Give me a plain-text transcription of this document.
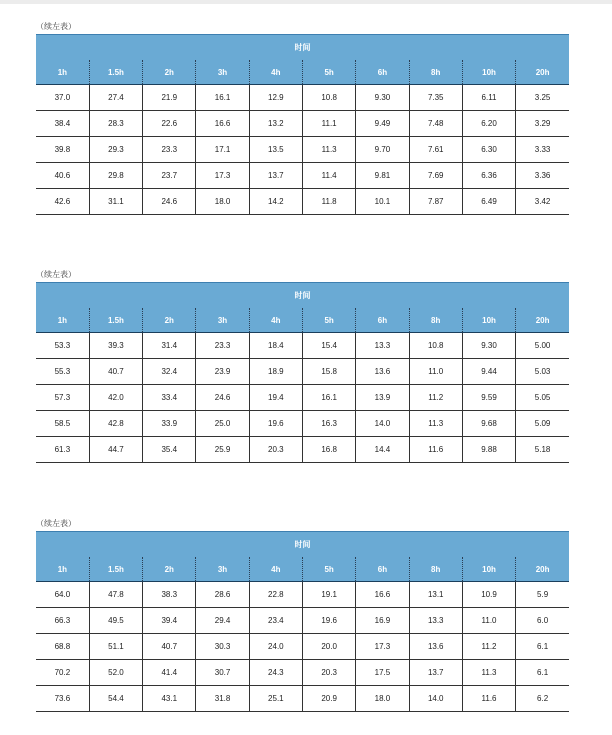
（续左表）
时间									
1h	1.5h	2h	3h	4h	5h	6h	8h	10h	20h
37.0	27.4	21.9	16.1	12.9	10.8	9.30	7.35	6.11	3.25
38.4	28.3	22.6	16.6	13.2	11.1	9.49	7.48	6.20	3.29
39.8	29.3	23.3	17.1	13.5	11.3	9.70	7.61	6.30	3.33
40.6	29.8	23.7	17.3	13.7	11.4	9.81	7.69	6.36	3.36
42.6	31.1	24.6	18.0	14.2	11.8	10.1	7.87	6.49	3.42
（续左表）
时间									
1h	1.5h	2h	3h	4h	5h	6h	8h	10h	20h
53.3	39.3	31.4	23.3	18.4	15.4	13.3	10.8	9.30	5.00
55.3	40.7	32.4	23.9	18.9	15.8	13.6	11.0	9.44	5.03
57.3	42.0	33.4	24.6	19.4	16.1	13.9	11.2	9.59	5.05
58.5	42.8	33.9	25.0	19.6	16.3	14.0	11.3	9.68	5.09
61.3	44.7	35.4	25.9	20.3	16.8	14.4	11.6	9.88	5.18
（续左表）
时间									
1h	1.5h	2h	3h	4h	5h	6h	8h	10h	20h
64.0	47.8	38.3	28.6	22.8	19.1	16.6	13.1	10.9	5.9
66.3	49.5	39.4	29.4	23.4	19.6	16.9	13.3	11.0	6.0
68.8	51.1	40.7	30.3	24.0	20.0	17.3	13.6	11.2	6.1
70.2	52.0	41.4	30.7	24.3	20.3	17.5	13.7	11.3	6.1
73.6	54.4	43.1	31.8	25.1	20.9	18.0	14.0	11.6	6.2
